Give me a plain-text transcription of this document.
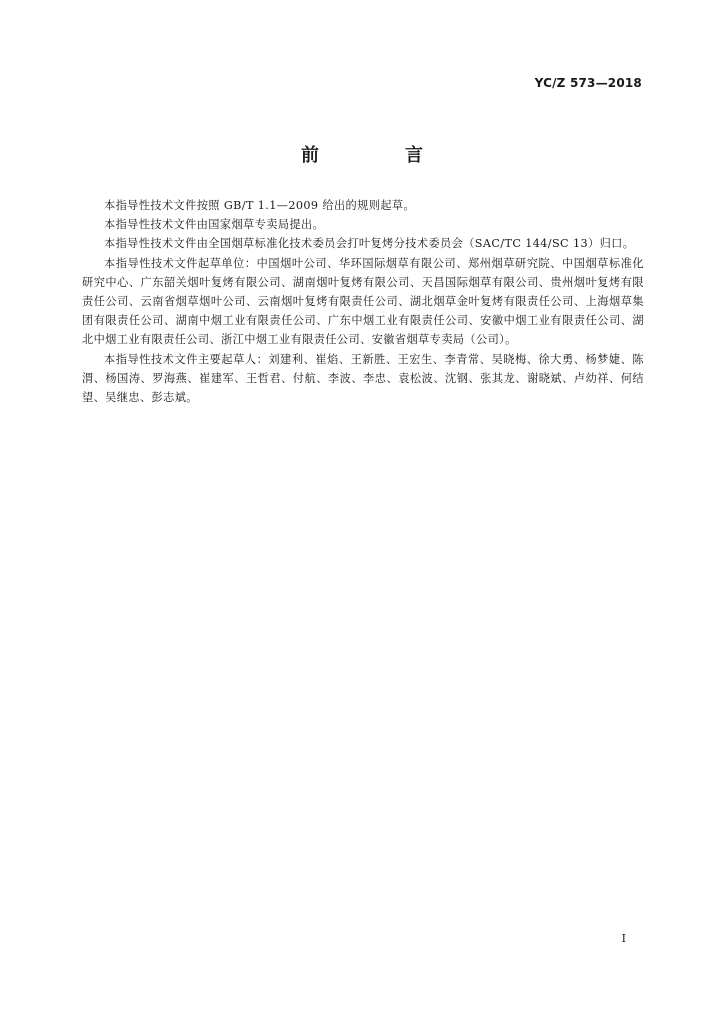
YC/Z 573—2018
前　言

本指导性技术文件按照 GB/T 1.1—2009 给出的规则起草。

本指导性技术文件由国家烟草专卖局提出。

本指导性技术文件由全国烟草标准化技术委员会打叶复烤分技术委员会（SAC/TC 144/SC 13）归口。

本指导性技术文件起草单位：中国烟叶公司、华环国际烟草有限公司、郑州烟草研究院、中国烟草标准化研究中心、广东韶关烟叶复烤有限公司、湖南烟叶复烤有限公司、天昌国际烟草有限公司、贵州烟叶复烤有限责任公司、云南省烟草烟叶公司、云南烟叶复烤有限责任公司、湖北烟草金叶复烤有限责任公司、上海烟草集团有限责任公司、湖南中烟工业有限责任公司、广东中烟工业有限责任公司、安徽中烟工业有限责任公司、湖北中烟工业有限责任公司、浙江中烟工业有限责任公司、安徽省烟草专卖局（公司）。

本指导性技术文件主要起草人：刘建利、崔焰、王新胜、王宏生、李青常、吴晓梅、徐大勇、杨梦婕、陈渭、杨国涛、罗海燕、崔建军、王哲君、付航、李波、李忠、袁松波、沈钢、张其龙、谢晓斌、卢幼祥、何结望、吴继忠、彭志斌。

I
